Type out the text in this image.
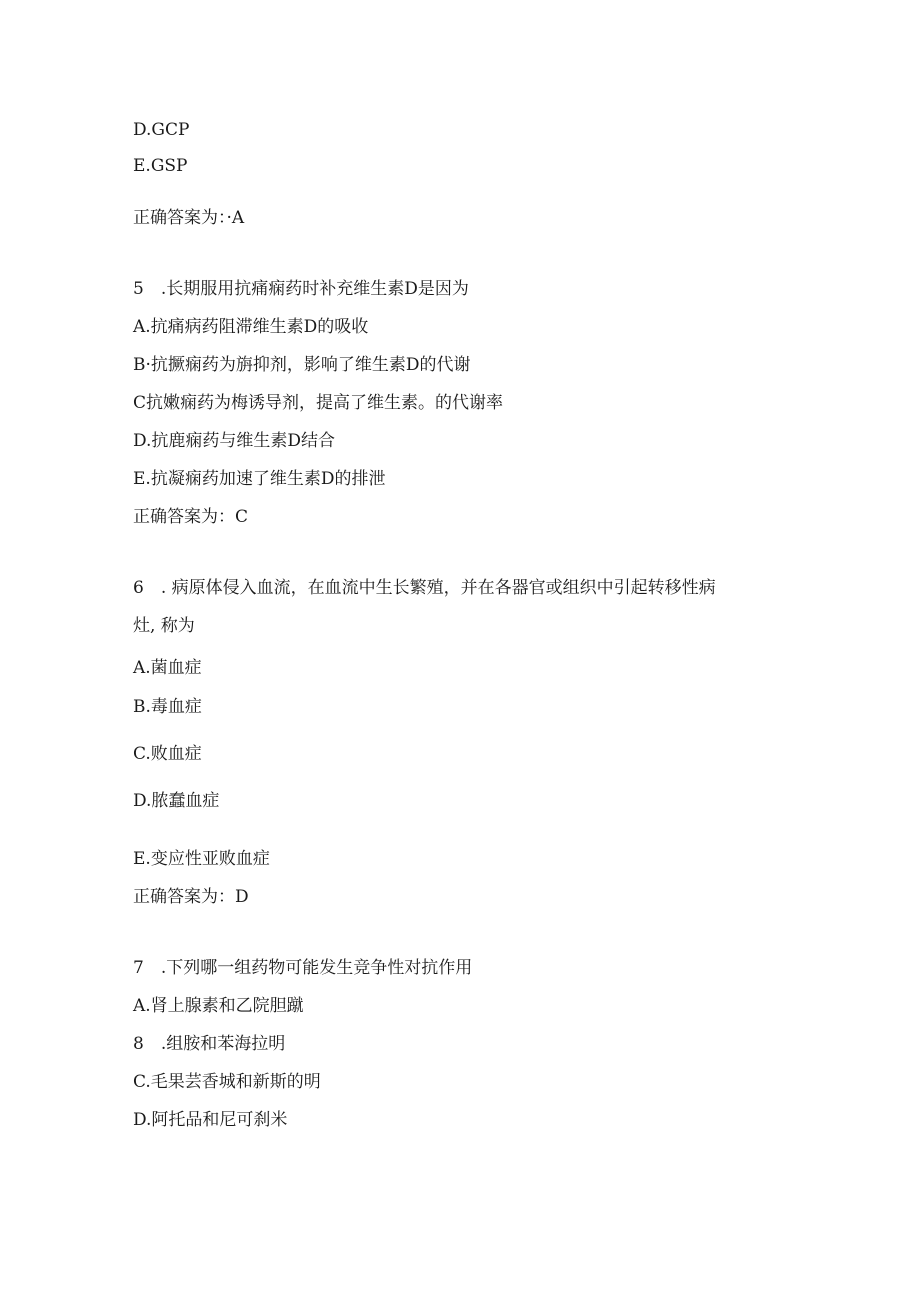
D.GCP
E.GSP
正确答案为：·A
5　.长期服用抗痛痫药时补充维生素D是因为
A.抗痛病药阻滞维生素D的吸收
B·抗撅痫药为旃抑剂，影响了维生素D的代谢
C抗嫩痫药为梅诱导剂，提高了维生素。的代谢率
D.抗鹿痫药与维生素D结合
E.抗凝痫药加速了维生素D的排泄
正确答案为：C
6　. 病原体侵入血流，在血流中生长繁殖，并在各器官或组织中引起转移性病
灶, 称为
A.菌血症
B.毒血症
C.败血症
D.脓蠢血症
E.变应性亚败血症
正确答案为：D
7　.下列哪一组药物可能发生竞争性对抗作用
A.肾上腺素和乙院胆蹴
8　.组胺和苯海拉明
C.毛果芸香城和新斯的明
D.阿托品和尼可刹米
